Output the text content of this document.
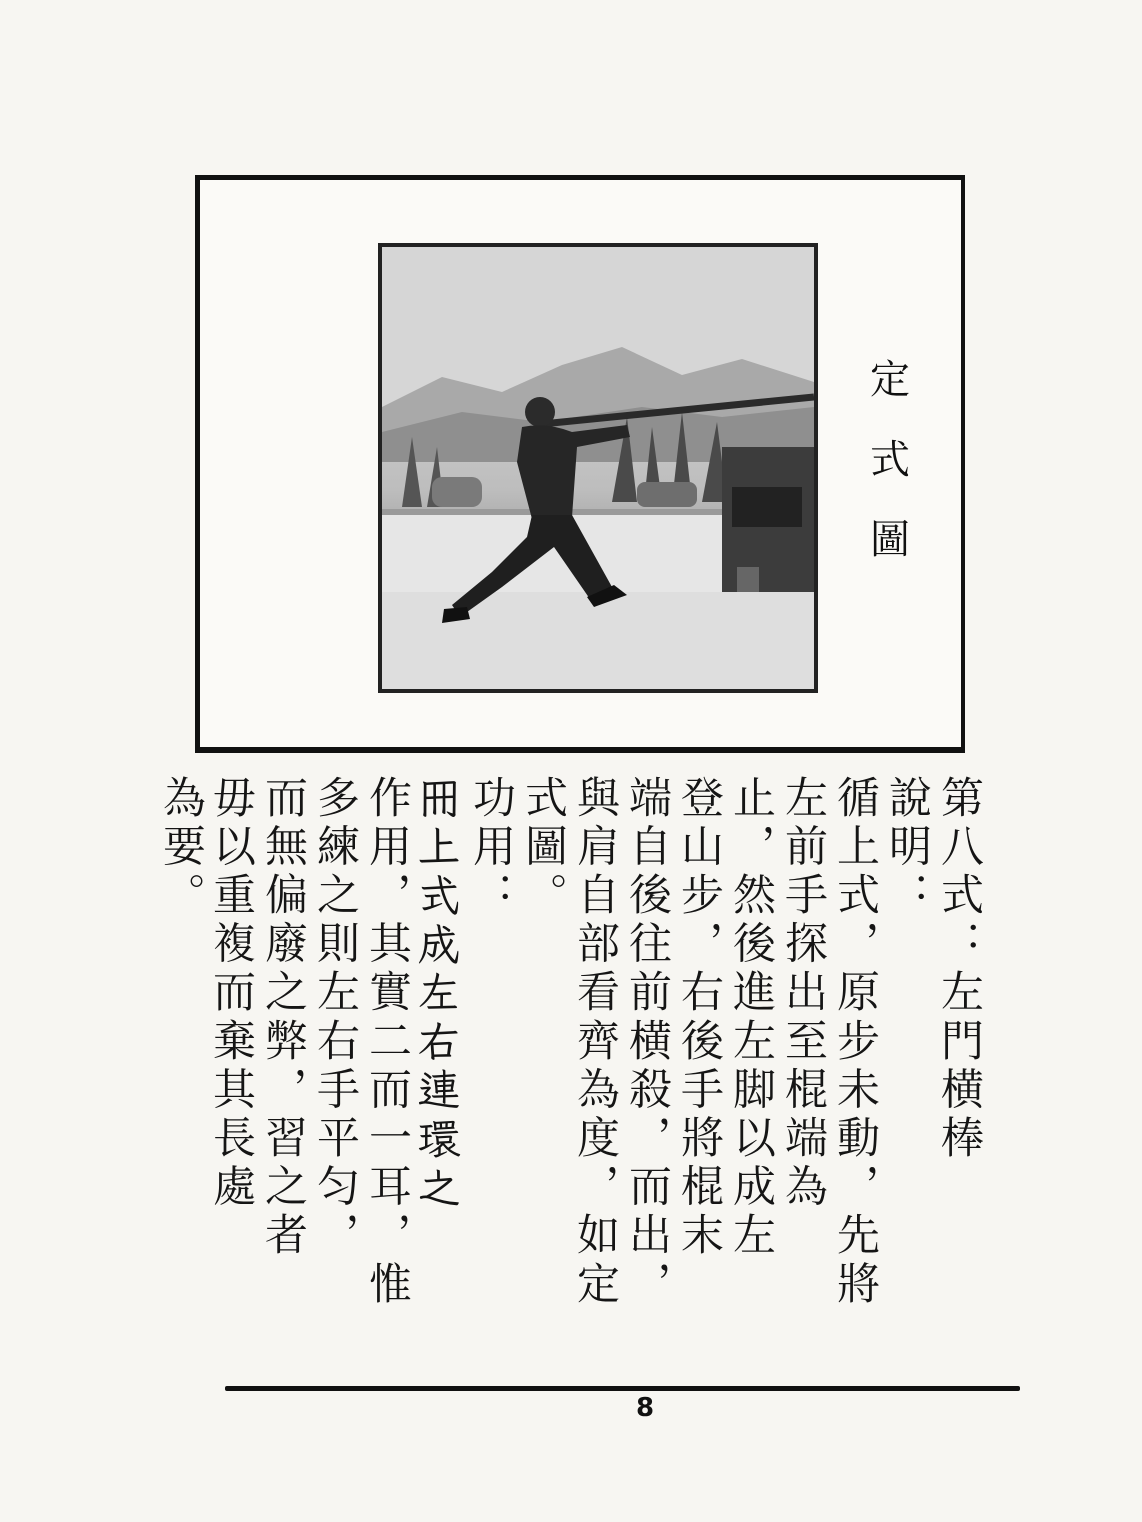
定
式
圖
第八式：左門横棒
說明：
循上式，原步未動，先將
左前手探出至棍端為
止，然後進左脚以成左
登山步，右後手將棍末
端自後往前横殺，而出，
與肩自部看齊為度，如定
式圖。
功用：
𠕁上式成左右連環之
作用，其實二而一耳，惟
多練之則左右手平匀，
而無偏廢之弊，習之者
毋以重複而棄其長處
為要。
8
